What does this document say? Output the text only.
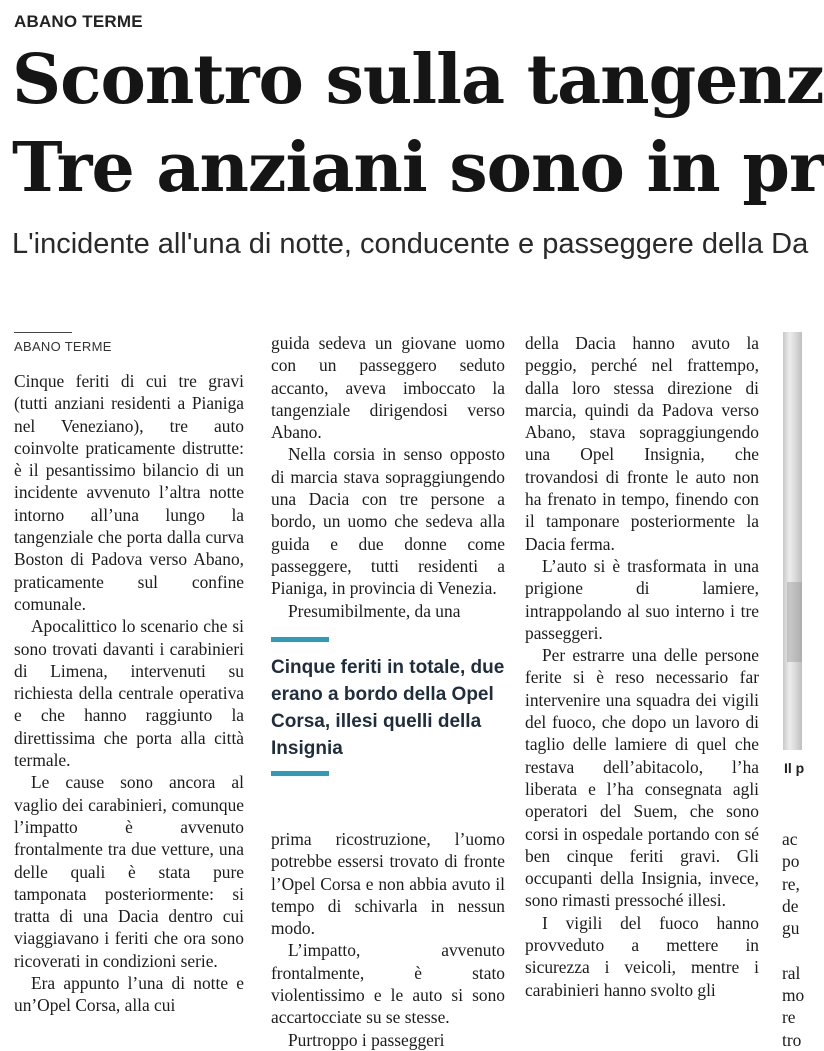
ABANO TERME
Scontro sulla tangenz
Tre anziani sono in pr
L'incidente all'una di notte, conducente e passeggere della Da
ABANO TERME

Cinque feriti di cui tre gravi (tutti anziani residenti a Pianiga nel Veneziano), tre auto coinvolte praticamente distrutte: è il pesantissimo bilancio di un incidente avvenuto l’altra notte intorno all’una lungo la tangenziale che porta dalla curva Boston di Padova verso Abano, praticamente sul confine comunale.

Apocalittico lo scenario che si sono trovati davanti i carabinieri di Limena, intervenuti su richiesta della centrale operativa e che hanno raggiunto la direttissima che porta alla città termale.

Le cause sono ancora al vaglio dei carabinieri, comunque l’impatto è avvenuto frontalmente tra due vetture, una delle quali è stata pure tamponata posteriormente: si tratta di una Dacia dentro cui viaggiavano i feriti che ora sono ricoverati in condizioni serie.

Era appunto l’una di notte e un’Opel Corsa, alla cui

guida sedeva un giovane uomo con un passeggero seduto accanto, aveva imboccato la tangenziale dirigendosi verso Abano.

Nella corsia in senso opposto di marcia stava sopraggiungendo una Dacia con tre persone a bordo, un uomo che sedeva alla guida e due donne come passeggere, tutti residenti a Pianiga, in provincia di Venezia.

Presumibilmente, da una

Cinque feriti in totale, due erano a bordo della Opel Corsa, illesi quelli della Insignia

prima ricostruzione, l’uomo potrebbe essersi trovato di fronte l’Opel Corsa e non abbia avuto il tempo di schivarla in nessun modo.

L’impatto, avvenuto frontalmente, è stato violentissimo e le auto si sono accartocciate su se stesse.

Purtroppo i passeggeri

della Dacia hanno avuto la peggio, perché nel frattempo, dalla loro stessa direzione di marcia, quindi da Padova verso Abano, stava sopraggiungendo una Opel Insignia, che trovandosi di fronte le auto non ha frenato in tempo, finendo con il tamponare posteriormente la Dacia ferma.

L’auto si è trasformata in una prigione di lamiere, intrappolando al suo interno i tre passeggeri.

Per estrarre una delle persone ferite si è reso necessario far intervenire una squadra dei vigili del fuoco, che dopo un lavoro di taglio delle lamiere di quel che restava dell’abitacolo, l’ha liberata e l’ha consegnata agli operatori del Suem, che sono corsi in ospedale portando con sé ben cinque feriti gravi. Gli occupanti della Insignia, invece, sono rimasti pressoché illesi.

I vigili del fuoco hanno provveduto a mettere in sicurezza i veicoli, mentre i carabinieri hanno svolto gli

Il p

ac

po

re,

de

gu

ral

mo

re

tro
